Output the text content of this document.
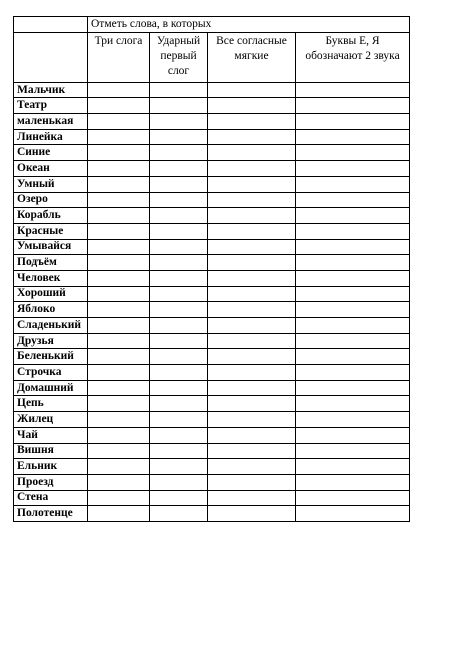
	Отметь слова, в которых			
	Три слога	Ударный первый слог	Все согласные мягкие	Буквы Е, Я обозначают 2 звука
Мальчик				
Театр				
маленькая				
Линейка				
Синие				
Океан				
Умный				
Озеро				
Корабль				
Красные				
Умывайся				
Подъём				
Человек				
Хороший				
Яблоко				
Сладенький				
Друзья				
Беленький				
Строчка				
Домашний				
Цепь				
Жилец				
Чай				
Вишня				
Ельник				
Проезд				
Стена				
Полотенце				
